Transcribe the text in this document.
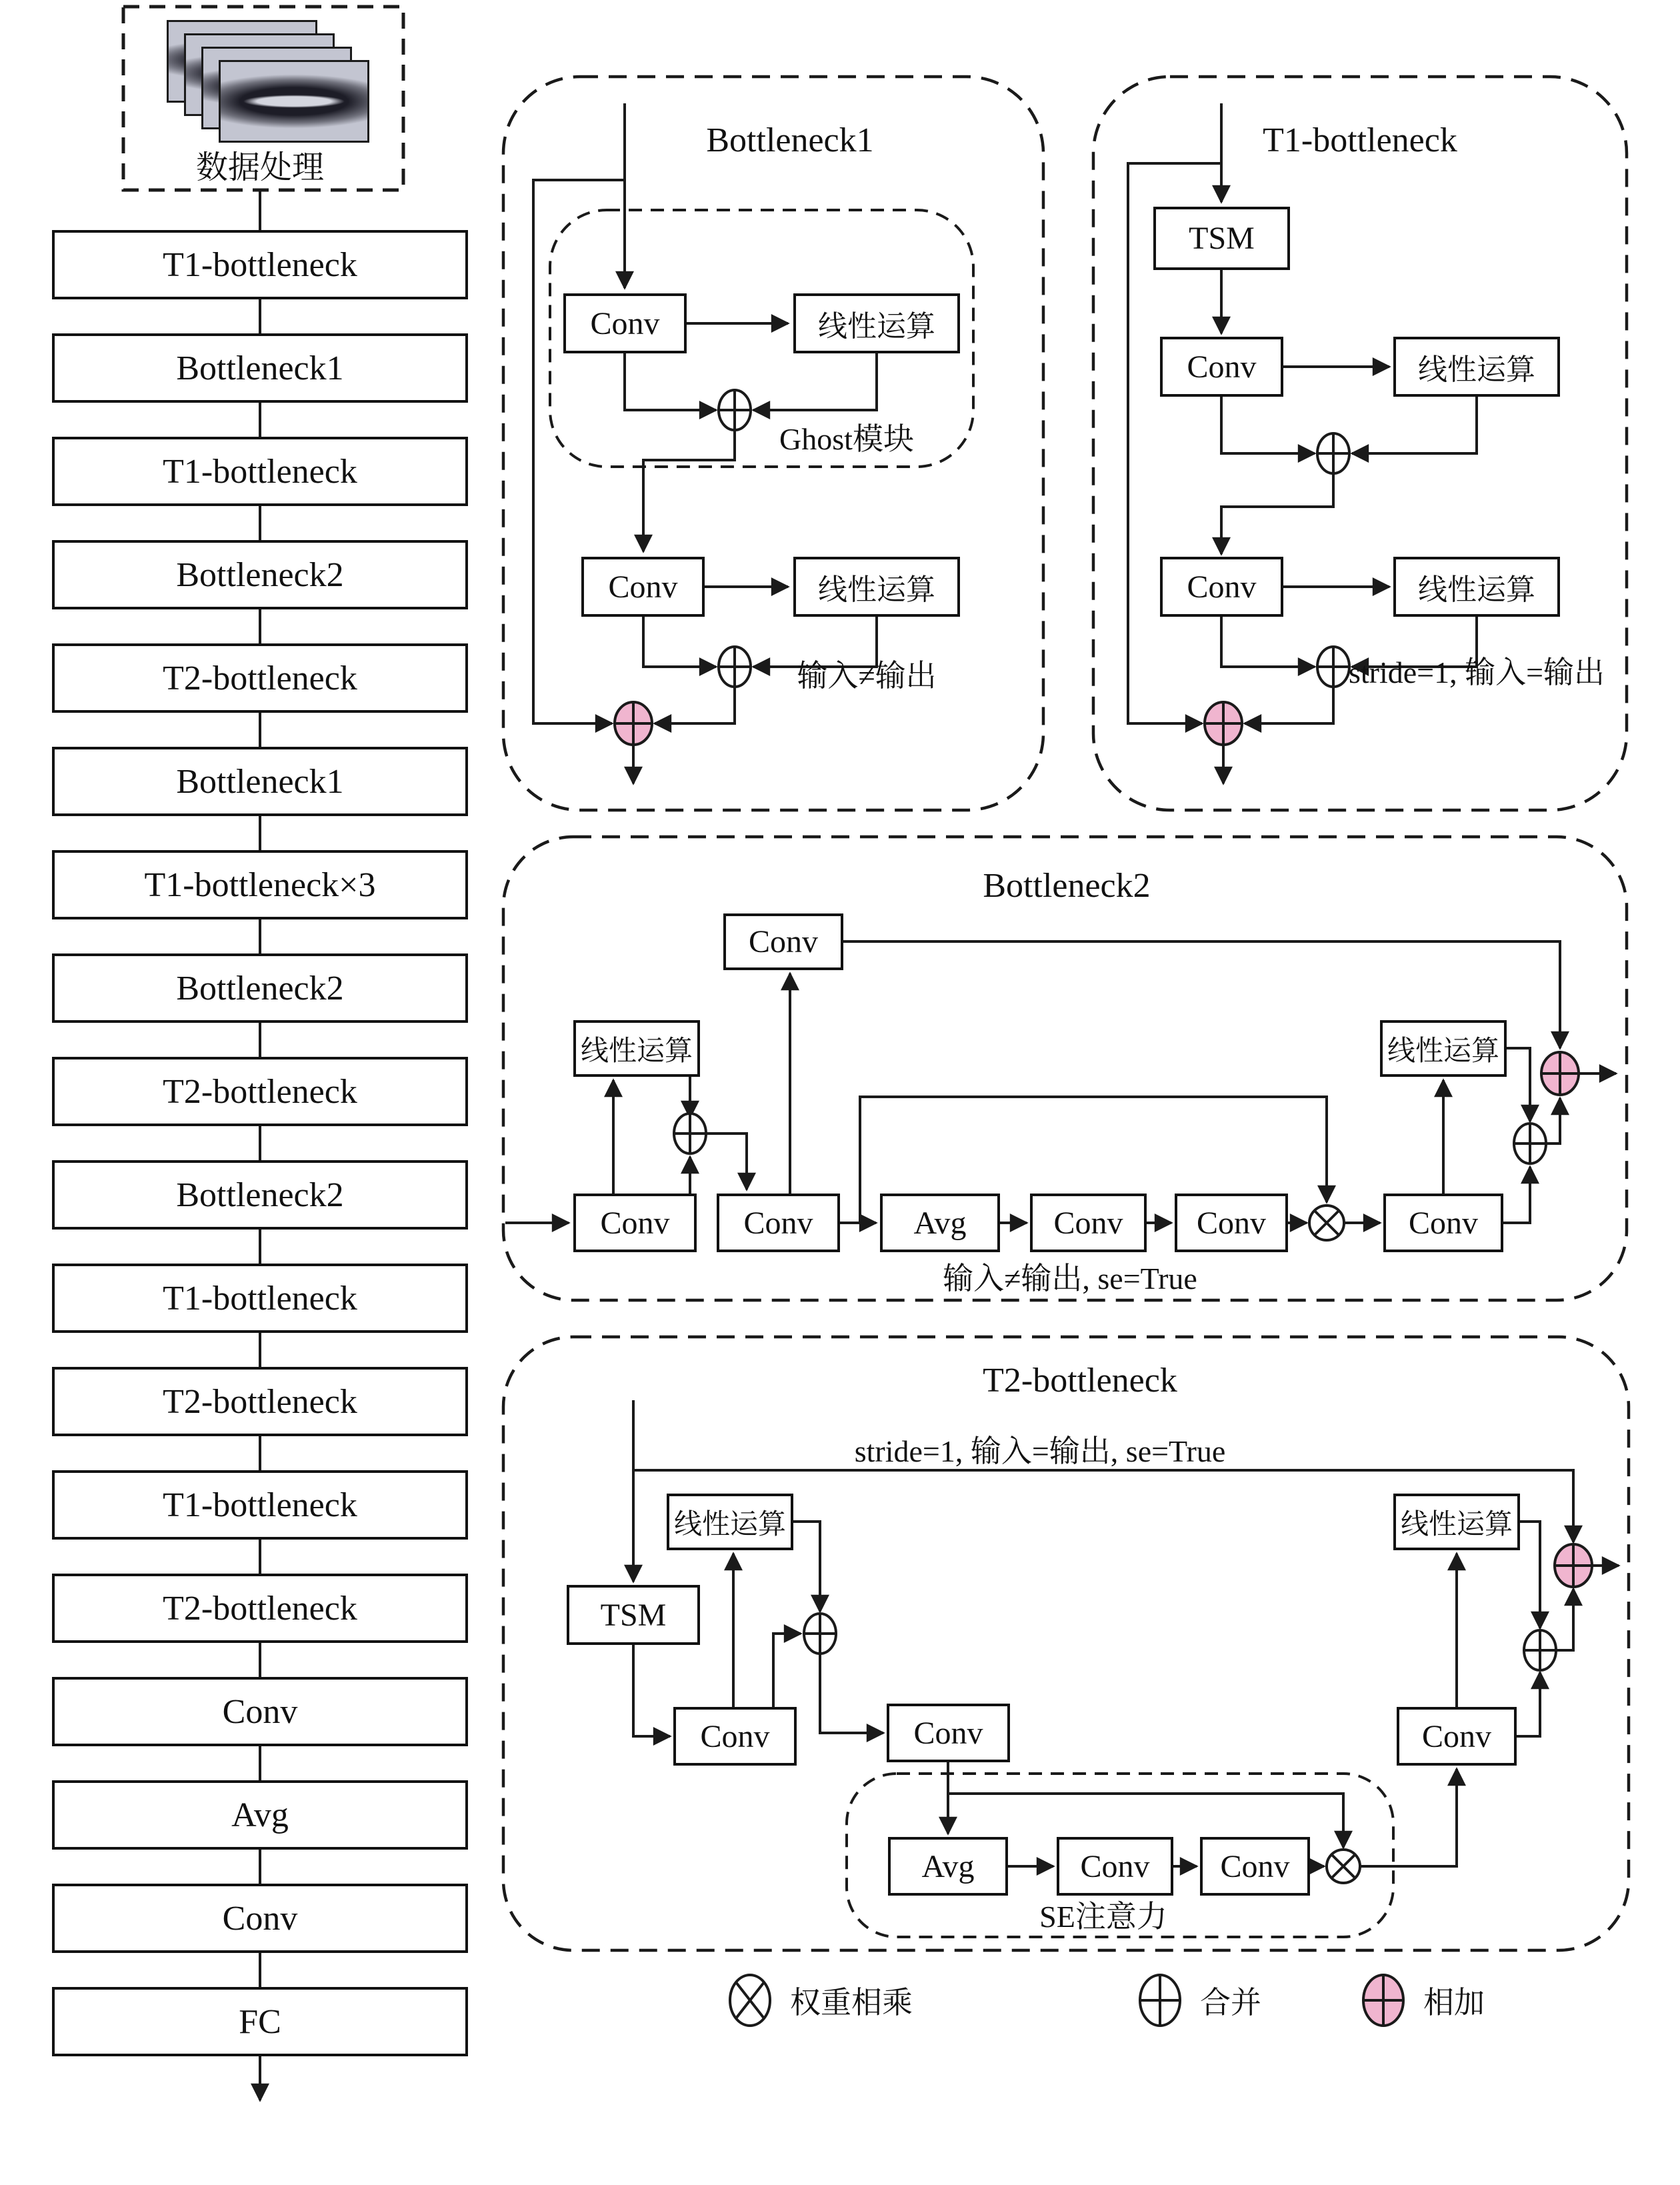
数据处理
T1-bottleneck
Bottleneck1
T1-bottleneck
Bottleneck2
T2-bottleneck
Bottleneck1
T1-bottleneck×3
Bottleneck2
T2-bottleneck
Bottleneck2
T1-bottleneck
T2-bottleneck
T1-bottleneck
T2-bottleneck
Conv
Avg
Conv
FC
Bottleneck1
Conv	线性运算
Ghost模块
Conv	线性运算
输入≠输出
T1-bottleneck
TSM
Conv	线性运算
Conv	线性运算
stride=1, 输入=输出
Bottleneck2
Conv
线性运算	线性运算
Conv	Conv	Avg	Conv	Conv	Conv
输入≠输出, se=True
T2-bottleneck
stride=1, 输入=输出, se=True
TSM
线性运算
Conv	Conv
Avg	Conv	Conv
SE注意力
Conv
线性运算
权重相乘	合并	相加
